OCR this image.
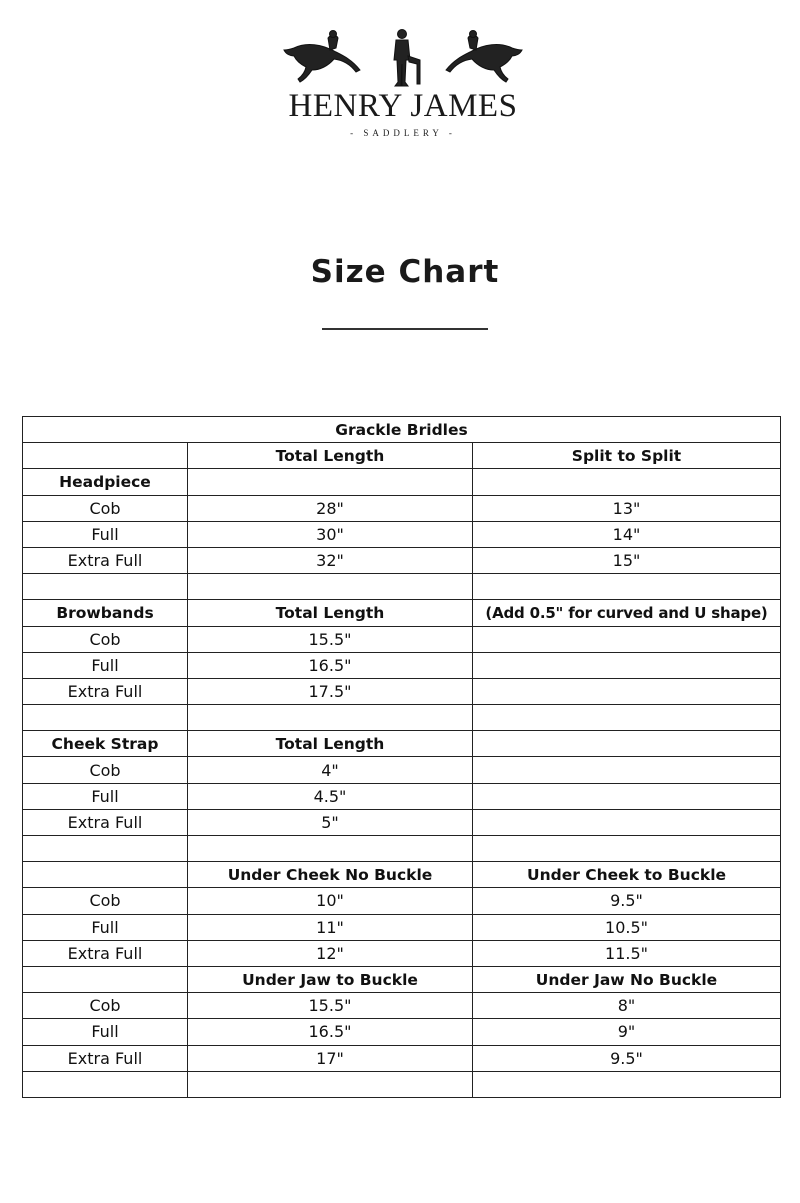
HENRY JAMES
- SADDLERY -
Size Chart
Grackle Bridles		
	Total Length	Split to Split
Headpiece		
Cob	28"	13"
Full	30"	14"
Extra Full	32"	15"

Browbands	Total Length	(Add 0.5" for curved and U shape)
Cob	15.5"	
Full	16.5"	
Extra Full	17.5"	

Cheek Strap	Total Length	
Cob	4"	
Full	4.5"	
Extra Full	5"	

	Under Cheek No Buckle	Under Cheek to Buckle
Cob	10"	9.5"
Full	11"	10.5"
Extra Full	12"	11.5"
	Under Jaw to Buckle	Under Jaw No Buckle
Cob	15.5"	8"
Full	16.5"	9"
Extra Full	17"	9.5"
